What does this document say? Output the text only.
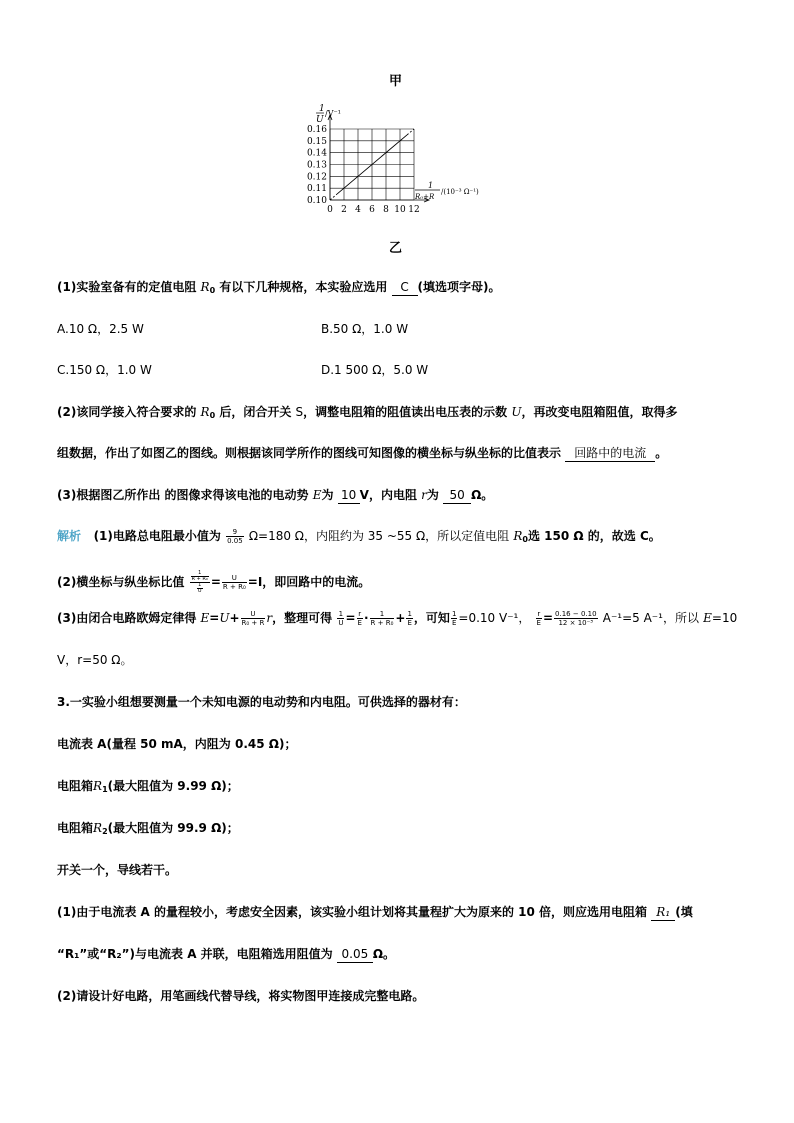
甲
0.16
0.15
0.14
0.13
0.12
0.11
0.10
0 2 4 6 8 10 12
1
U
/V⁻¹
1
R₀+R
/(10⁻³ Ω⁻¹)
乙
(1)实验室备有的定值电阻 $R_0$ 有以下几种规格，本实验应选用 C (填选项字母)。
A.10 Ω，2.5 W	B.50 Ω，1.0 W
C.150 Ω，1.0 W	D.1 500 Ω，5.0 W
(2)该同学接入符合要求的 $R_0$ 后，闭合开关 S，调整电阻箱的阻值读出电压表的示数 U，再改变电阻箱阻值，取得多
组数据，作出了如图乙的图线。则根据该同学所作的图线可知图像的横坐标与纵坐标的比值表示 回路中的电流 。
(3)根据图乙所作出 的图像求得该电池的电动势 E为 10 V，内电阻 r为 50 Ω。
解析 (1)电路总电阻最小值为 $\frac{9}{0.05} \Omega=180$ Ω，内阻约为 35 ~55 Ω，所以定值电阻 $R_0$选 150 Ω 的，故选 C。
(2)横坐标与纵坐标比值 $\frac{\frac{1}{\text{R + R₀}}}{\frac{1}{U}} = \frac{U}{\text{R + R₀}} =I$，即回路中的电流。
(3)由闭合电路欧姆定律得 $E=U+ \frac{U}{\text{R₀ + R}}$ r，整理可得 $\frac{1}{U} = \frac{r}{E} \cdot \frac{1}{\text{R + R₀}} + \frac{1}{E}$ ，可知 $\frac{1}{E} =0.10$ V⁻¹， $\frac{r}{E} = \frac{0.16 - 0.10}{\text{12 × 10⁻³}} A^{-1}=5$ A⁻¹，所以 E=10
V，r=50 Ω。
3.一实验小组想要测量一个未知电源的电动势和内电阻。可供选择的器材有：
电流表 A(量程 50 mA，内阻为 0.45 Ω)；
电阻箱$R_1$(最大阻值为 9.99 Ω)；
电阻箱$R_2$(最大阻值为 99.9 Ω)；
开关一个，导线若干。
(1)由于电流表 A 的量程较小，考虑安全因素，该实验小组计划将其量程扩大为原来的 10 倍，则应选用电阻箱 R₁ (填
“R₁”或“R₂”)与电流表 A 并联，电阻箱选用阻值为 0.05 Ω。
(2)请设计好电路，用笔画线代替导线，将实物图甲连接成完整电路。
